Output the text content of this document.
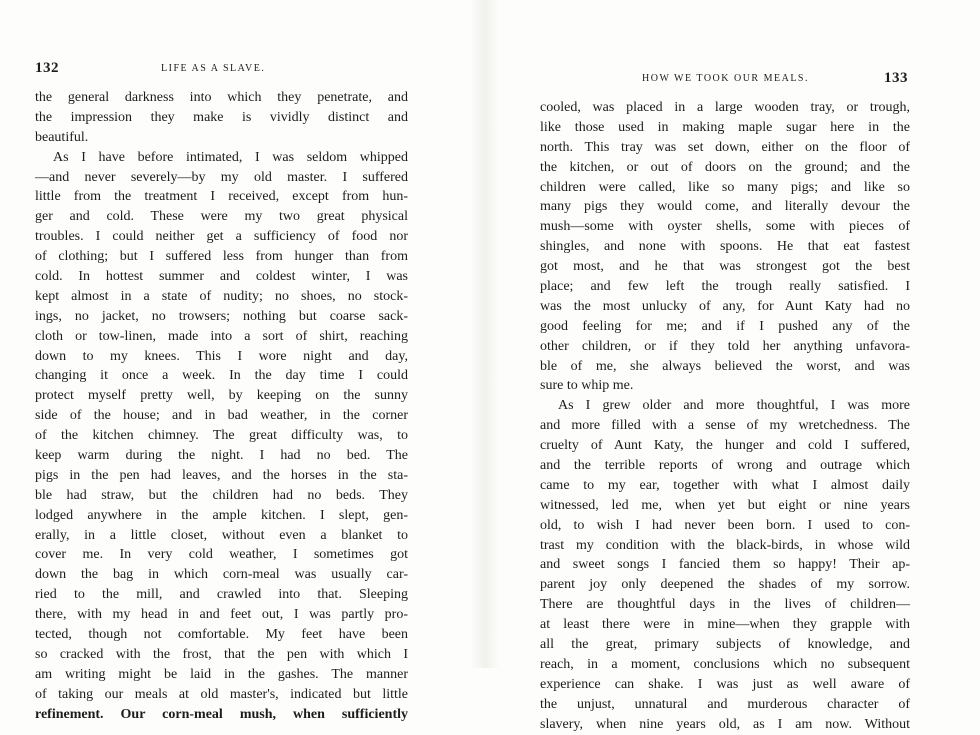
132	LIFE AS A SLAVE.
the general darkness into which they penetrate, and
the impression they make is vividly distinct and
beautiful.
As I have before intimated, I was seldom whipped
—and never severely—by my old master. I suffered
little from the treatment I received, except from hun-
ger and cold. These were my two great physical
troubles. I could neither get a sufficiency of food nor
of clothing; but I suffered less from hunger than from
cold. In hottest summer and coldest winter, I was
kept almost in a state of nudity; no shoes, no stock-
ings, no jacket, no trowsers; nothing but coarse sack-
cloth or tow-linen, made into a sort of shirt, reaching
down to my knees. This I wore night and day,
changing it once a week. In the day time I could
protect myself pretty well, by keeping on the sunny
side of the house; and in bad weather, in the corner
of the kitchen chimney. The great difficulty was, to
keep warm during the night. I had no bed. The
pigs in the pen had leaves, and the horses in the sta-
ble had straw, but the children had no beds. They
lodged anywhere in the ample kitchen. I slept, gen-
erally, in a little closet, without even a blanket to
cover me. In very cold weather, I sometimes got
down the bag in which corn-meal was usually car-
ried to the mill, and crawled into that. Sleeping
there, with my head in and feet out, I was partly pro-
tected, though not comfortable. My feet have been
so cracked with the frost, that the pen with which I
am writing might be laid in the gashes. The manner
of taking our meals at old master's, indicated but little
refinement. Our corn-meal mush, when sufficiently
HOW WE TOOK OUR MEALS.	133
cooled, was placed in a large wooden tray, or trough,
like those used in making maple sugar here in the
north. This tray was set down, either on the floor of
the kitchen, or out of doors on the ground; and the
children were called, like so many pigs; and like so
many pigs they would come, and literally devour the
mush—some with oyster shells, some with pieces of
shingles, and none with spoons. He that eat fastest
got most, and he that was strongest got the best
place; and few left the trough really satisfied. I
was the most unlucky of any, for Aunt Katy had no
good feeling for me; and if I pushed any of the
other children, or if they told her anything unfavora-
ble of me, she always believed the worst, and was
sure to whip me.
As I grew older and more thoughtful, I was more
and more filled with a sense of my wretchedness. The
cruelty of Aunt Katy, the hunger and cold I suffered,
and the terrible reports of wrong and outrage which
came to my ear, together with what I almost daily
witnessed, led me, when yet but eight or nine years
old, to wish I had never been born. I used to con-
trast my condition with the black-birds, in whose wild
and sweet songs I fancied them so happy! Their ap-
parent joy only deepened the shades of my sorrow.
There are thoughtful days in the lives of children—
at least there were in mine—when they grapple with
all the great, primary subjects of knowledge, and
reach, in a moment, conclusions which no subsequent
experience can shake. I was just as well aware of
the unjust, unnatural and murderous character of
slavery, when nine years old, as I am now. Without
